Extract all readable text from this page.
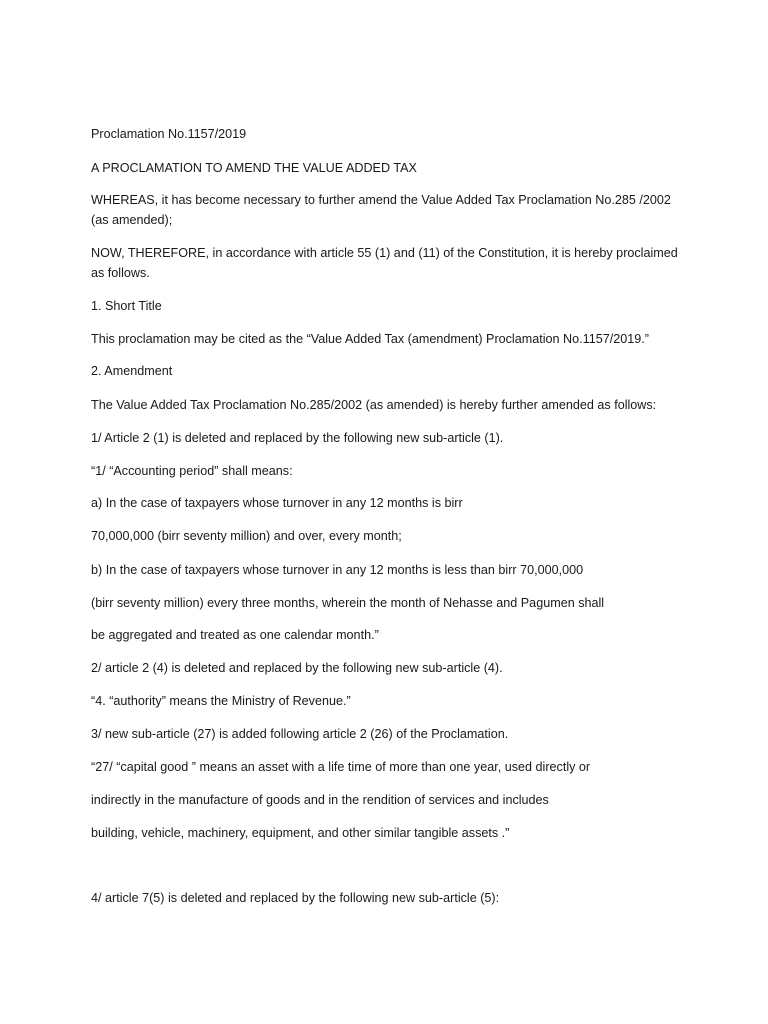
Proclamation No.1157/2019
A PROCLAMATION TO AMEND THE VALUE ADDED TAX
WHEREAS, it has become necessary to further amend the Value Added Tax Proclamation No.285 /2002
(as amended);
NOW, THEREFORE, in accordance with article 55 (1) and (11) of the Constitution, it is hereby proclaimed
as follows.
1. Short Title
This proclamation may be cited as the “Value Added Tax (amendment) Proclamation No.1157/2019.”
2. Amendment
The Value Added Tax Proclamation No.285/2002 (as amended) is hereby further amended as follows:
1/ Article 2 (1) is deleted and replaced by the following new sub-article (1).
“1/ “Accounting period” shall means:
a) In the case of taxpayers whose turnover in any 12 months is birr
70,000,000 (birr seventy million) and over, every month;
b) In the case of taxpayers whose turnover in any 12 months is less than birr 70,000,000
(birr seventy million) every three months, wherein the month of Nehasse and Pagumen shall
be aggregated and treated as one calendar month.”
2/ article 2 (4) is deleted and replaced by the following new sub-article (4).
“4. “authority” means the Ministry of Revenue.”
3/ new sub-article (27) is added following article 2 (26) of the Proclamation.
“27/ “capital good ” means an asset with a life time of more than one year, used directly or
indirectly in the manufacture of goods and in the rendition of services and includes
building, vehicle, machinery, equipment, and other similar tangible assets .”
4/ article 7(5) is deleted and replaced by the following new sub-article (5):
